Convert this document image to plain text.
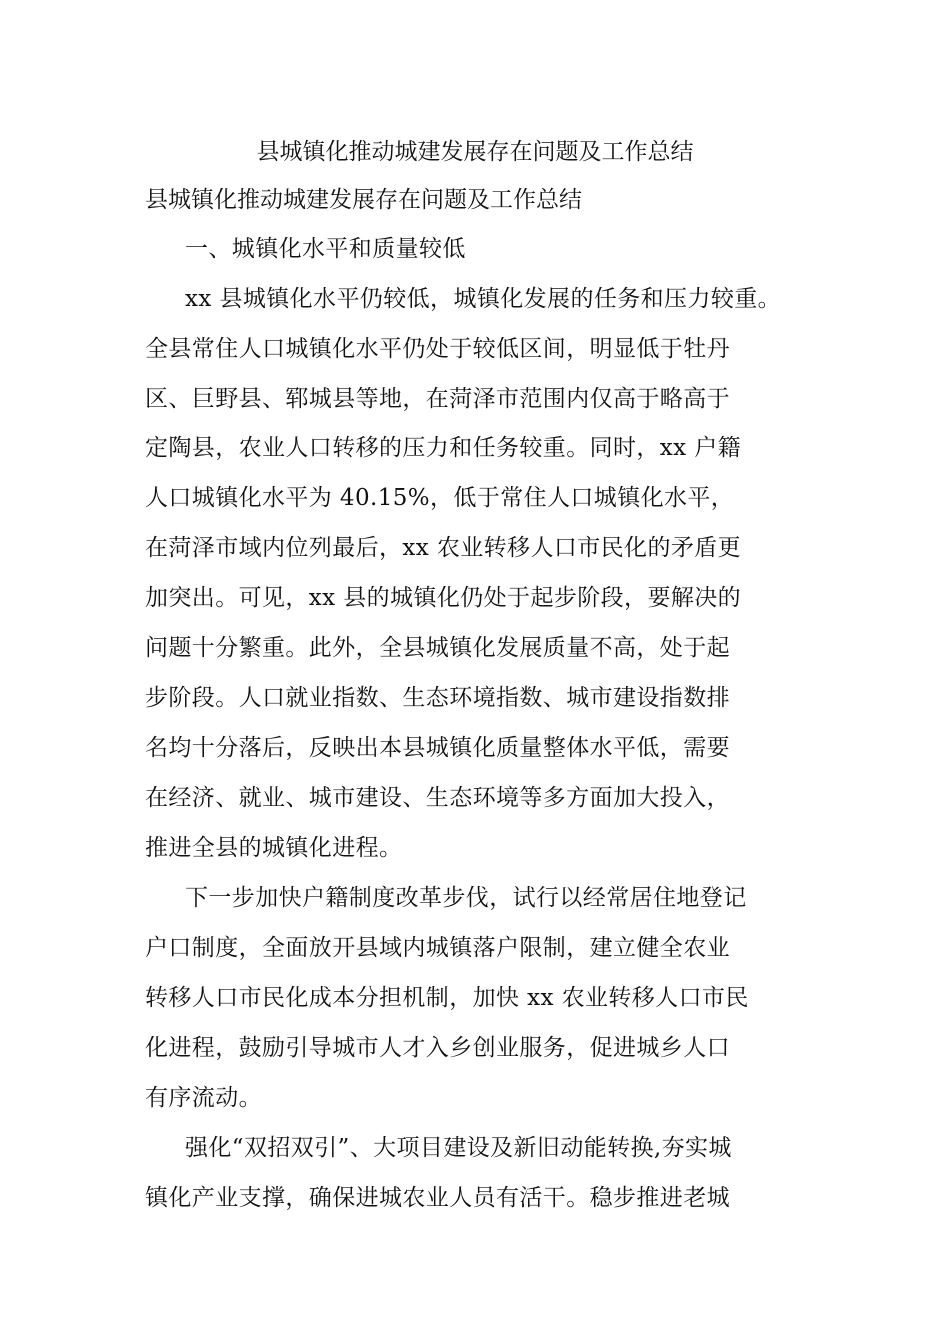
县城镇化推动城建发展存在问题及工作总结
县城镇化推动城建发展存在问题及工作总结
一、城镇化水平和质量较低
xx 县城镇化水平仍较低，城镇化发展的任务和压力较重。
全县常住人口城镇化水平仍处于较低区间，明显低于牡丹
区、巨野县、郓城县等地，在菏泽市范围内仅高于略高于
定陶县，农业人口转移的压力和任务较重。同时，xx 户籍
人口城镇化水平为 40.15%，低于常住人口城镇化水平，
在菏泽市域内位列最后，xx 农业转移人口市民化的矛盾更
加突出。可见，xx 县的城镇化仍处于起步阶段，要解决的
问题十分繁重。此外，全县城镇化发展质量不高，处于起
步阶段。人口就业指数、生态环境指数、城市建设指数排
名均十分落后，反映出本县城镇化质量整体水平低，需要
在经济、就业、城市建设、生态环境等多方面加大投入，
推进全县的城镇化进程。
下一步加快户籍制度改革步伐，试行以经常居住地登记
户口制度，全面放开县域内城镇落户限制，建立健全农业
转移人口市民化成本分担机制，加快 xx 农业转移人口市民
化进程，鼓励引导城市人才入乡创业服务，促进城乡人口
有序流动。
强化“双招双引”、大项目建设及新旧动能转换,夯实城
镇化产业支撑，确保进城农业人员有活干。稳步推进老城
